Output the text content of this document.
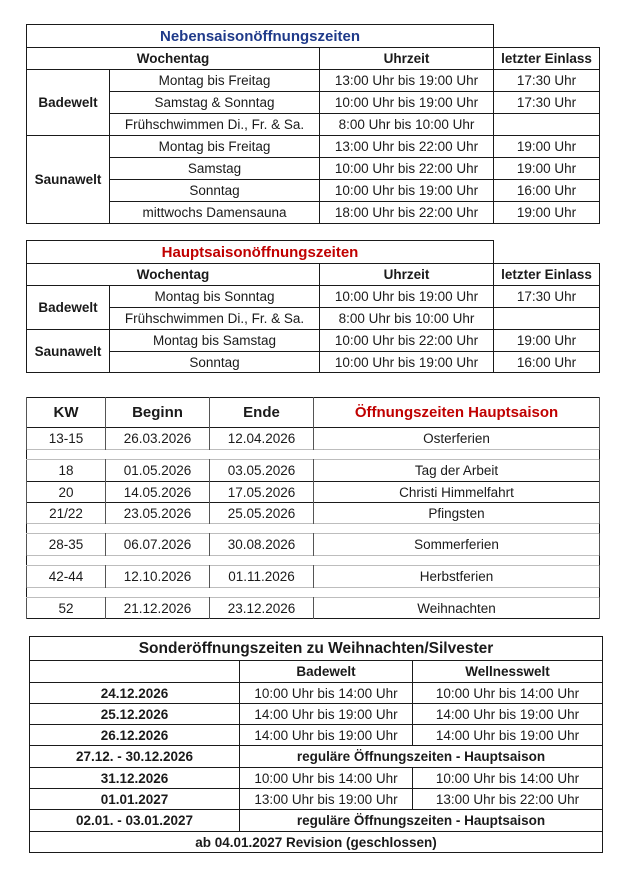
Nebensaisonöffnungszeiten			
Wochentag		Uhrzeit	letzter Einlass
Badewelt	Montag bis Freitag	13:00 Uhr bis 19:00 Uhr	17:30 Uhr
	Samstag & Sonntag	10:00 Uhr bis 19:00 Uhr	17:30 Uhr
	Frühschwimmen Di., Fr. & Sa.	8:00 Uhr bis 10:00 Uhr	
Saunawelt	Montag bis Freitag	13:00 Uhr bis 22:00 Uhr	19:00 Uhr
	Samstag	10:00 Uhr bis 22:00 Uhr	19:00 Uhr
	Sonntag	10:00 Uhr bis 19:00 Uhr	16:00 Uhr
	mittwochs Damensauna	18:00 Uhr bis 22:00 Uhr	19:00 Uhr
Hauptsaisonöffnungszeiten			
Wochentag		Uhrzeit	letzter Einlass
Badewelt	Montag bis Sonntag	10:00 Uhr bis 19:00 Uhr	17:30 Uhr
	Frühschwimmen Di., Fr. & Sa.	8:00 Uhr bis 10:00 Uhr	
Saunawelt	Montag bis Samstag	10:00 Uhr bis 22:00 Uhr	19:00 Uhr
	Sonntag	10:00 Uhr bis 19:00 Uhr	16:00 Uhr
KW	Beginn	Ende	Öffnungszeiten Hauptsaison
13-15	26.03.2026	12.04.2026	Osterferien

18	01.05.2026	03.05.2026	Tag der Arbeit
20	14.05.2026	17.05.2026	Christi Himmelfahrt
21/22	23.05.2026	25.05.2026	Pfingsten

28-35	06.07.2026	30.08.2026	Sommerferien

42-44	12.10.2026	01.11.2026	Herbstferien

52	21.12.2026	23.12.2026	Weihnachten
Sonderöffnungszeiten zu Weihnachten/Silvester		
	Badewelt	Wellnesswelt
24.12.2026	10:00 Uhr bis 14:00 Uhr	10:00 Uhr bis 14:00 Uhr
25.12.2026	14:00 Uhr bis 19:00 Uhr	14:00 Uhr bis 19:00 Uhr
26.12.2026	14:00 Uhr bis 19:00 Uhr	14:00 Uhr bis 19:00 Uhr
27.12. - 30.12.2026	reguläre Öffnungszeiten - Hauptsaison	
31.12.2026	10:00 Uhr bis 14:00 Uhr	10:00 Uhr bis 14:00 Uhr
01.01.2027	13:00 Uhr bis 19:00 Uhr	13:00 Uhr bis 22:00 Uhr
02.01. - 03.01.2027	reguläre Öffnungszeiten - Hauptsaison	
ab 04.01.2027 Revision (geschlossen)		
